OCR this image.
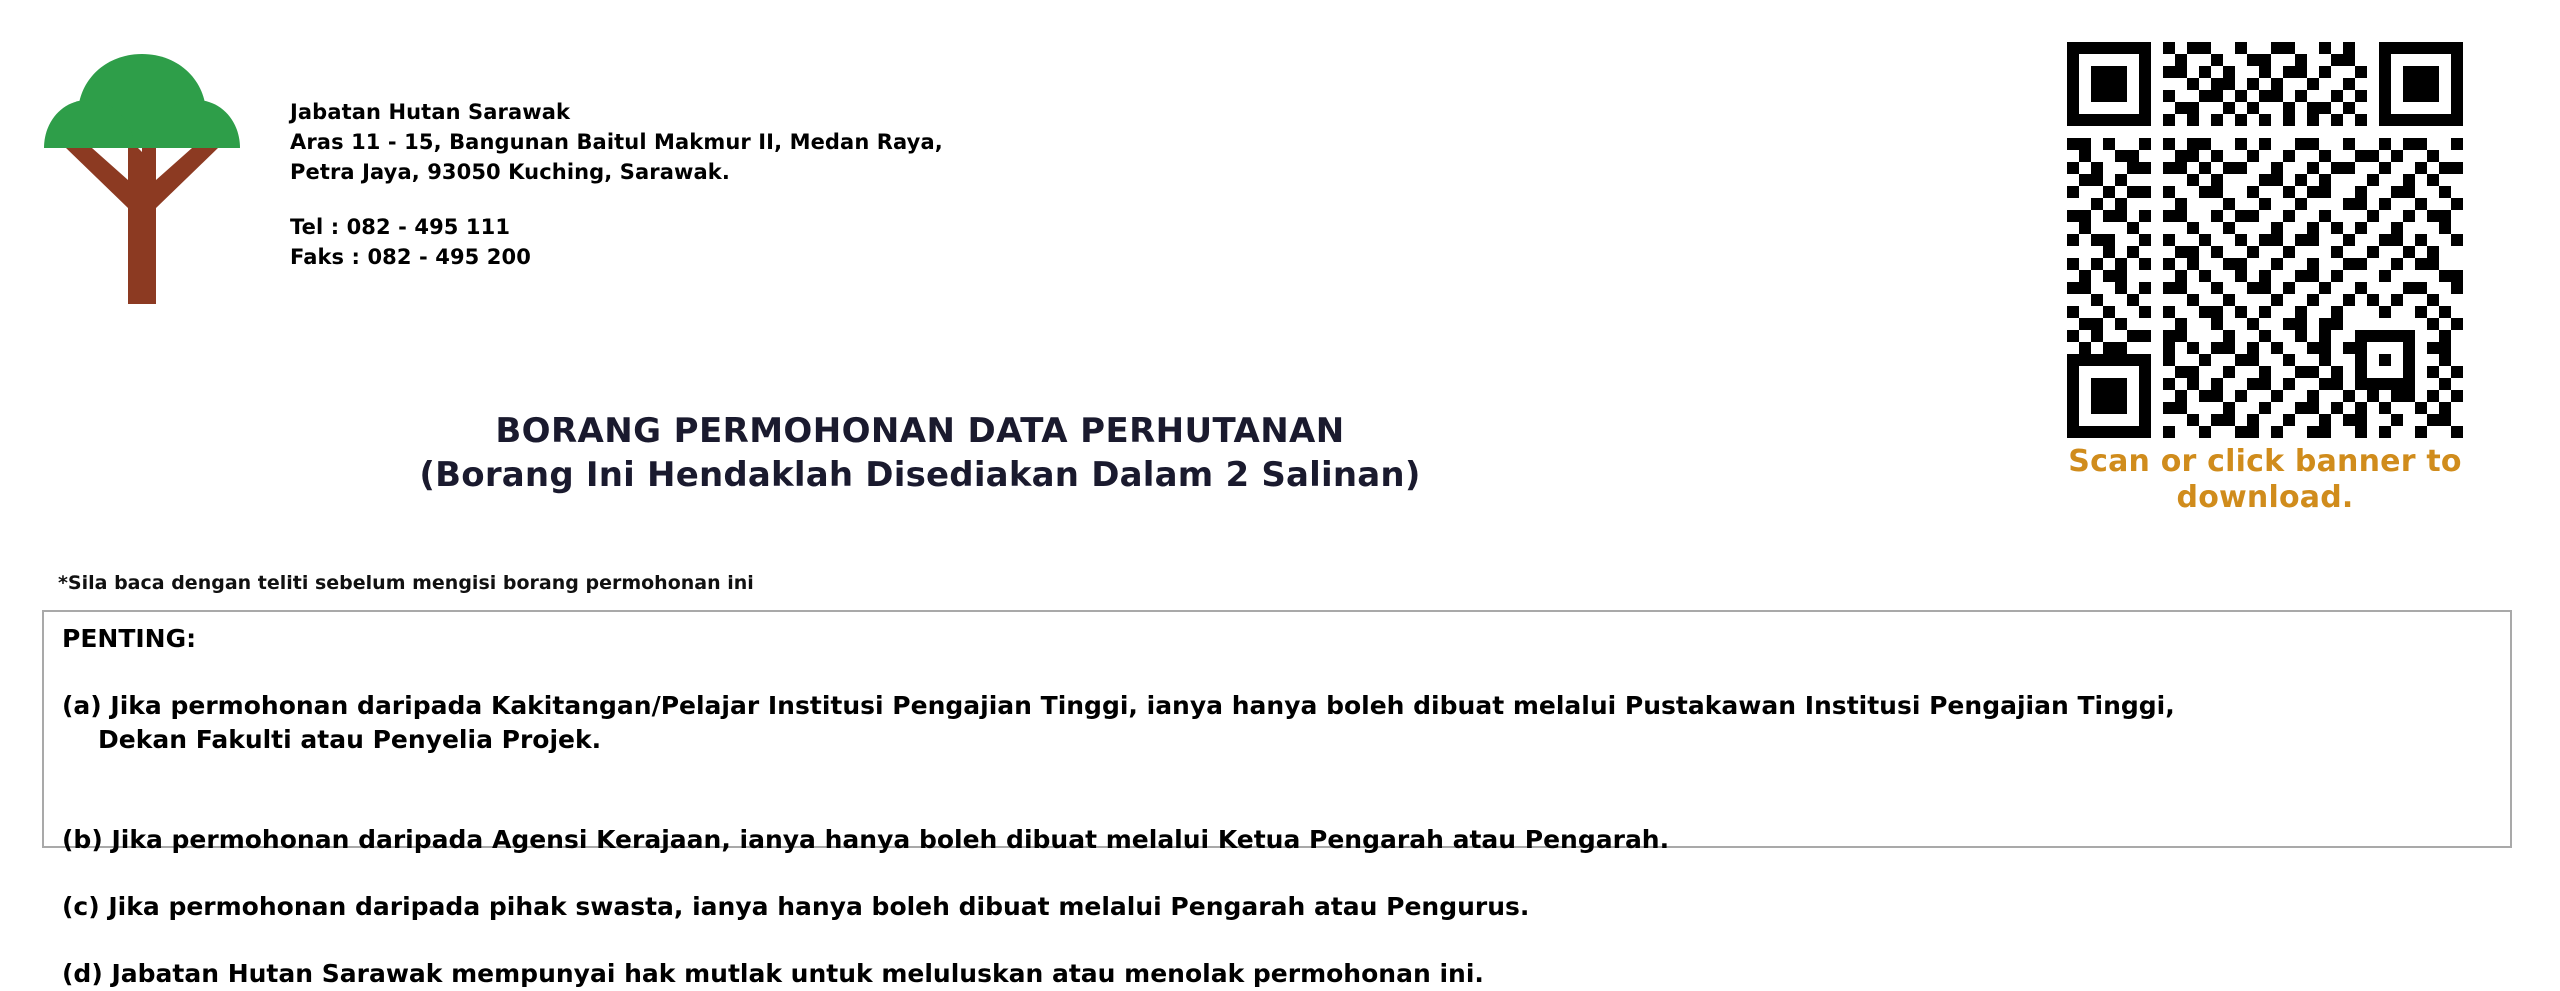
Jabatan Hutan Sarawak
Aras 11 - 15, Bangunan Baitul Makmur II, Medan Raya,
Petra Jaya, 93050 Kuching, Sarawak.
Tel : 082 - 495 111
Faks : 082 - 495 200
Scan or click banner to download.
BORANG PERMOHONAN DATA PERHUTANAN
(Borang Ini Hendaklah Disediakan Dalam 2 Salinan)
*Sila baca dengan teliti sebelum mengisi borang permohonan ini
PENTING:

(a) Jika permohonan daripada Kakitangan/Pelajar Institusi Pengajian Tinggi, ianya hanya boleh dibuat melalui Pustakawan Institusi Pengajian Tinggi,

Dekan Fakulti atau Penyelia Projek.

(b) Jika permohonan daripada Agensi Kerajaan, ianya hanya boleh dibuat melalui Ketua Pengarah atau Pengarah.

(c) Jika permohonan daripada pihak swasta, ianya hanya boleh dibuat melalui Pengarah atau Pengurus.

(d) Jabatan Hutan Sarawak mempunyai hak mutlak untuk meluluskan atau menolak permohonan ini.
